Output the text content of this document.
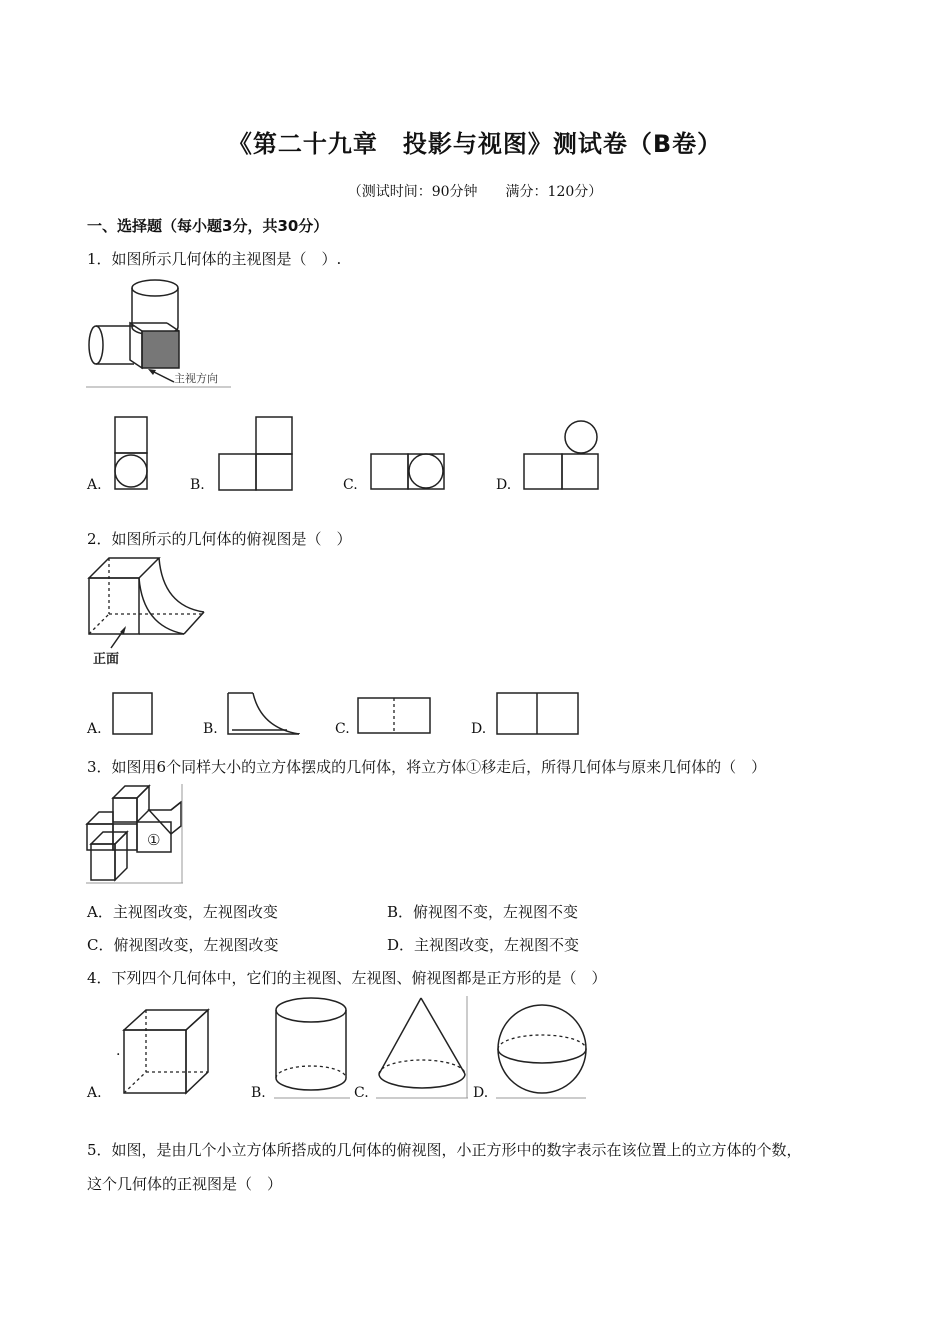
《第二十九章　投影与视图》测试卷（B卷）
（测试时间：90分钟　　满分：120分）
一、选择题（每小题3分，共30分）
1．如图所示几何体的主视图是（　）.
主视方向
A.	B.	C.	D.
2．如图所示的几何体的俯视图是（　）
正面
A.	B.	C.	D.
3．如图用6个同样大小的立方体摆成的几何体，将立方体①移走后，所得几何体与原来几何体的（　）
①
A．主视图改变，左视图改变	B．俯视图不变，左视图不变
C．俯视图改变，左视图改变	D．主视图改变，左视图不变
4．下列四个几何体中，它们的主视图、左视图、俯视图都是正方形的是（　）
A.
.
B.	C.	D.
5．如图，是由几个小立方体所搭成的几何体的俯视图，小正方形中的数字表示在该位置上的立方体的个数，
这个几何体的正视图是（　）
